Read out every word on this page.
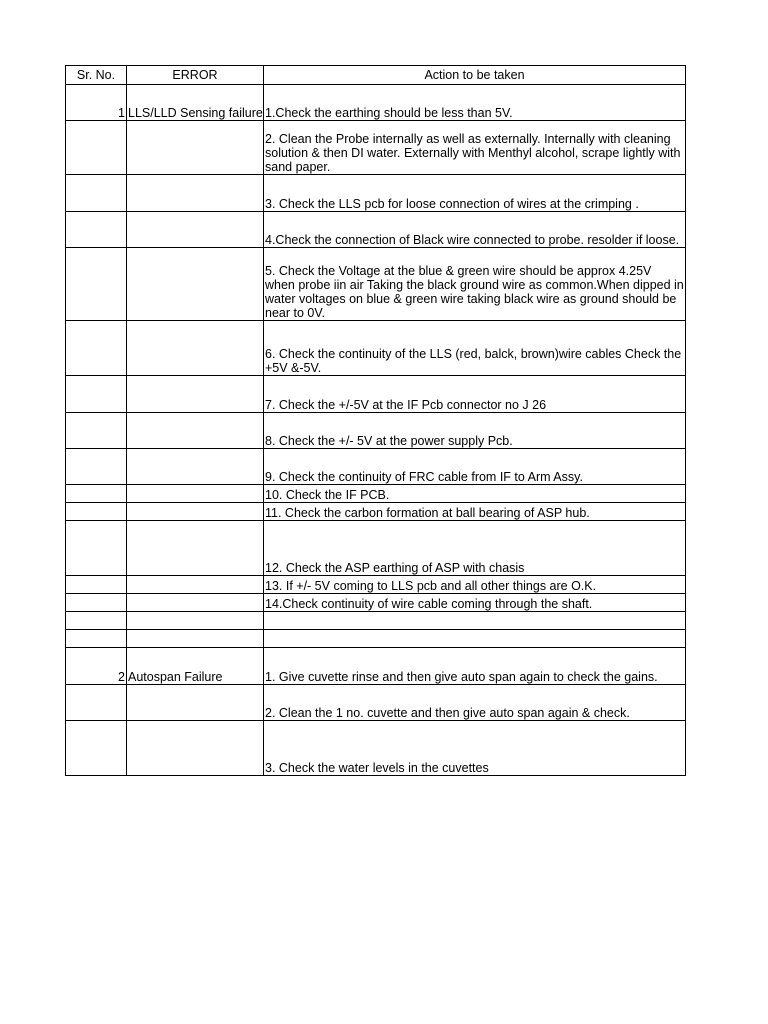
Sr. No.	ERROR	Action to be taken
1	LLS/LLD Sensing failure	1.Check the earthing should be less than 5V.
		2. Clean the Probe internally as well as externally. Internally with cleaning solution & then DI water. Externally with Menthyl alcohol, scrape lightly with sand paper.
		3. Check the LLS pcb for loose connection of wires at the crimping .
		4.Check the connection of Black wire connected to probe. resolder if loose.
		5. Check the Voltage at the blue & green wire should be approx 4.25V when probe iin air Taking the black ground wire as common.When dipped in water voltages on blue & green wire taking black wire as ground should be near to 0V.
		6. Check the continuity of the LLS (red, balck, brown)wire cables Check the +5V &-5V.
		7. Check the +/-5V at the IF Pcb connector no J 26
		8. Check the +/- 5V at the power supply Pcb.
		9. Check the continuity of FRC cable from IF to Arm Assy.
		10. Check the IF PCB.
		11. Check the carbon formation at ball bearing of ASP hub.
		12. Check the ASP earthing of ASP with chasis
		13. If +/- 5V coming to LLS pcb and all other things are O.K.
		14.Check continuity of wire cable coming through the shaft.

2	Autospan Failure	1. Give cuvette rinse and then give auto span again to check the gains.
		2. Clean the 1 no. cuvette and then give auto span again & check.
		3. Check the water levels in the cuvettes
